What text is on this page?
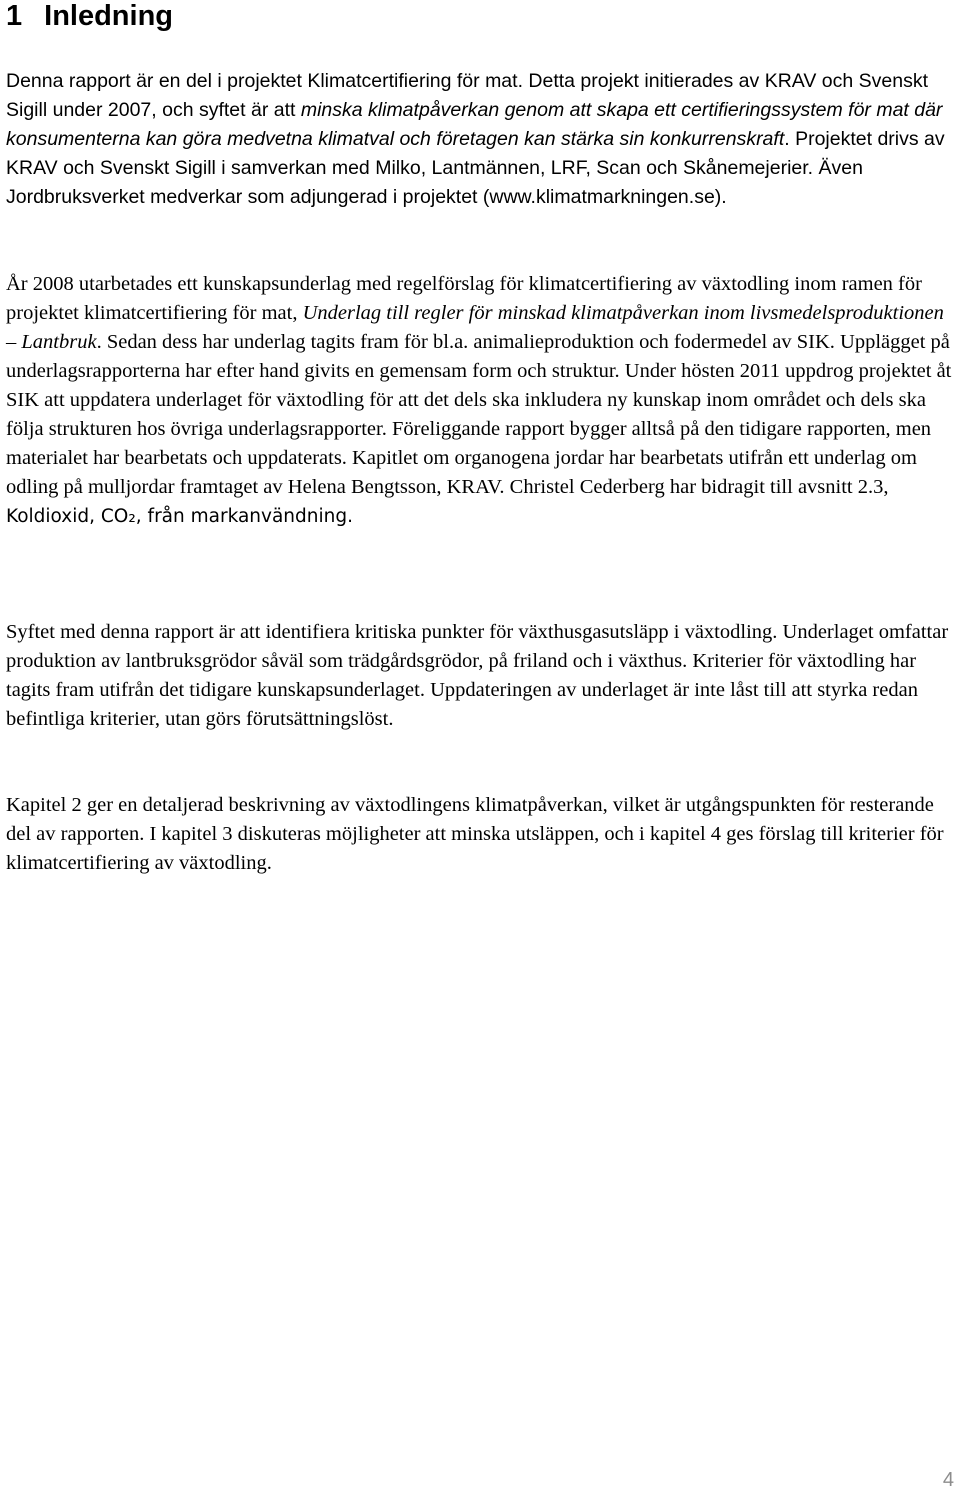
1 Inledning

Denna rapport är en del i projektet Klimatcertifiering för mat. Detta projekt initierades av KRAV och Svenskt Sigill under 2007, och syftet är att minska klimatpåverkan genom att skapa ett certifieringssystem för mat där konsumenterna kan göra medvetna klimatval och företagen kan stärka sin konkurrenskraft. Projektet drivs av KRAV och Svenskt Sigill i samverkan med Milko, Lantmännen, LRF, Scan och Skånemejerier. Även Jordbruksverket medverkar som adjungerad i projektet (www.klimatmarkningen.se).

År 2008 utarbetades ett kunskapsunderlag med regelförslag för klimatcertifiering av växtodling inom ramen för projektet klimatcertifiering för mat, Underlag till regler för minskad klimatpåverkan inom livsmedelsproduktionen – Lantbruk. Sedan dess har underlag tagits fram för bl.a. animalieproduktion och fodermedel av SIK. Upplägget på underlagsrapporterna har efter hand givits en gemensam form och struktur. Under hösten 2011 uppdrog projektet åt SIK att uppdatera underlaget för växtodling för att det dels ska inkludera ny kunskap inom området och dels ska följa strukturen hos övriga underlagsrapporter. Föreliggande rapport bygger alltså på den tidigare rapporten, men materialet har bearbetats och uppdaterats. Kapitlet om organogena jordar har bearbetats utifrån ett underlag om odling på mulljordar framtaget av Helena Bengtsson, KRAV. Christel Cederberg har bidragit till avsnitt 2.3, Koldioxid, CO₂, från markanvändning.

Syftet med denna rapport är att identifiera kritiska punkter för växthusgasutsläpp i växtodling. Underlaget omfattar produktion av lantbruksgrödor såväl som trädgårdsgrödor, på friland och i växthus. Kriterier för växtodling har tagits fram utifrån det tidigare kunskapsunderlaget. Uppdateringen av underlaget är inte låst till att styrka redan befintliga kriterier, utan görs förutsättningslöst.

Kapitel 2 ger en detaljerad beskrivning av växtodlingens klimatpåverkan, vilket är utgångspunkten för resterande del av rapporten. I kapitel 3 diskuteras möjligheter att minska utsläppen, och i kapitel 4 ges förslag till kriterier för klimatcertifiering av växtodling.

4
